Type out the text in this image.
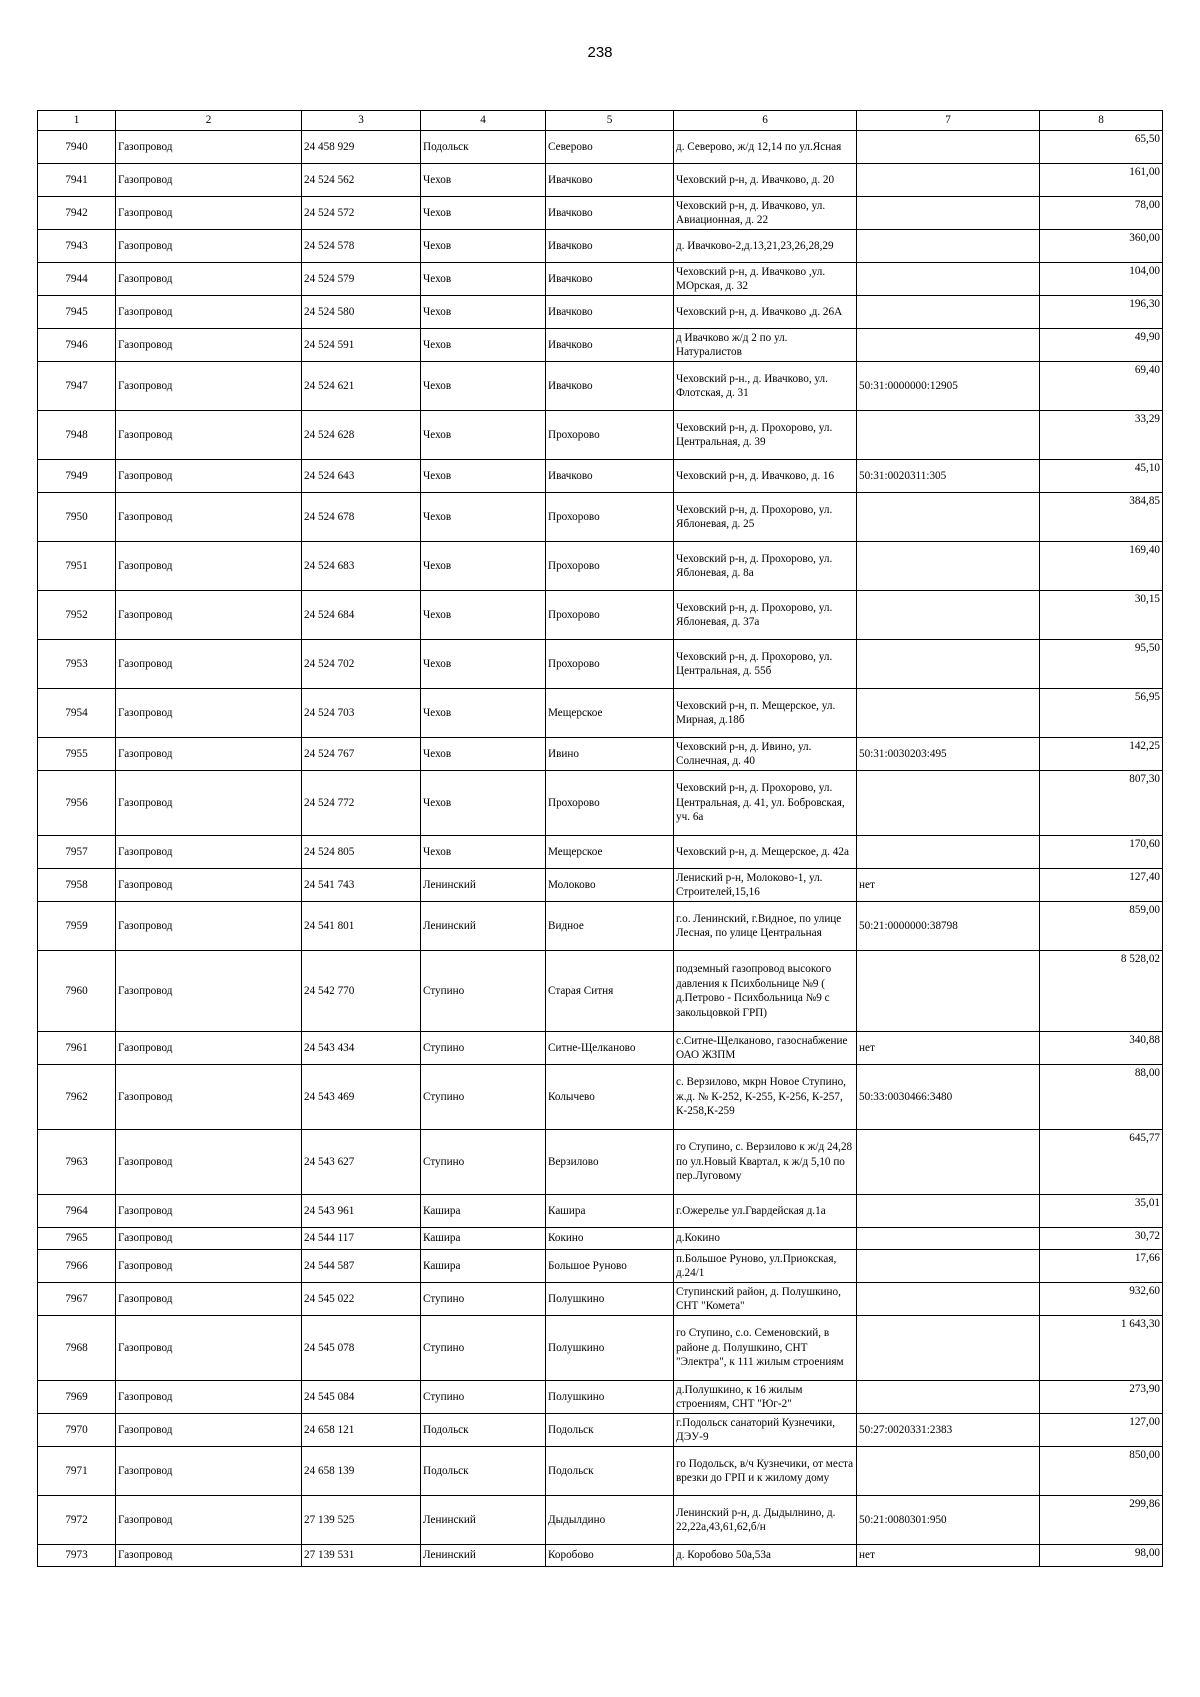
238
1	2	3	4	5	6	7	8
7940	Газопровод	24 458 929	Подольск	Северово	д. Северово, ж/д 12,14 по ул.Ясная		65,50
7941	Газопровод	24 524 562	Чехов	Ивачково	Чеховский р-н, д. Ивачково, д. 20		161,00
7942	Газопровод	24 524 572	Чехов	Ивачково	Чеховский р-н, д. Ивачково, ул. Авиационная, д. 22		78,00
7943	Газопровод	24 524 578	Чехов	Ивачково	д. Ивачково-2,д.13,21,23,26,28,29		360,00
7944	Газопровод	24 524 579	Чехов	Ивачково	Чеховский р-н, д. Ивачково ,ул. МОрская, д. 32		104,00
7945	Газопровод	24 524 580	Чехов	Ивачково	Чеховский р-н, д. Ивачково ,д. 26А		196,30
7946	Газопровод	24 524 591	Чехов	Ивачково	д Ивачково ж/д 2 по ул. Натуралистов		49,90
7947	Газопровод	24 524 621	Чехов	Ивачково	Чеховский р-н., д. Ивачково, ул. Флотская, д. 31	50:31:0000000:12905	69,40
7948	Газопровод	24 524 628	Чехов	Прохорово	Чеховский р-н, д. Прохорово, ул. Центральная, д. 39		33,29
7949	Газопровод	24 524 643	Чехов	Ивачково	Чеховский р-н, д. Ивачково, д. 16	50:31:0020311:305	45,10
7950	Газопровод	24 524 678	Чехов	Прохорово	Чеховский р-н, д. Прохорово, ул. Яблоневая, д. 25		384,85
7951	Газопровод	24 524 683	Чехов	Прохорово	Чеховский р-н, д. Прохорово, ул. Яблоневая, д. 8а		169,40
7952	Газопровод	24 524 684	Чехов	Прохорово	Чеховский р-н, д. Прохорово, ул. Яблоневая, д. 37а		30,15
7953	Газопровод	24 524 702	Чехов	Прохорово	Чеховский р-н, д. Прохорово, ул. Центральная, д. 55б		95,50
7954	Газопровод	24 524 703	Чехов	Мещерское	Чеховский р-н, п. Мещерское, ул. Мирная, д.18б		56,95
7955	Газопровод	24 524 767	Чехов	Ивино	Чеховский р-н, д. Ивино, ул. Солнечная, д. 40	50:31:0030203:495	142,25
7956	Газопровод	24 524 772	Чехов	Прохорово	Чеховский р-н, д. Прохорово, ул. Центральная, д. 41, ул. Бобровская, уч. 6а		807,30
7957	Газопровод	24 524 805	Чехов	Мещерское	Чеховский р-н, д. Мещерское, д. 42а		170,60
7958	Газопровод	24 541 743	Ленинский	Молоково	Лениский р-н, Молоково-1, ул. Строителей,15,16	нет	127,40
7959	Газопровод	24 541 801	Ленинский	Видное	г.о. Ленинский, г.Видное, по улице Лесная, по улице Центральная	50:21:0000000:38798	859,00
7960	Газопровод	24 542 770	Ступино	Старая Ситня	подземный газопровод высокого давления к Психбольнице №9 ( д.Петрово - Психбольница №9 с закольцовкой ГРП)		8 528,02
7961	Газопровод	24 543 434	Ступино	Ситне-Щелканово	с.Ситне-Щелканово, газоснабжение ОАО ЖЗПМ	нет	340,88
7962	Газопровод	24 543 469	Ступино	Колычево	с. Верзилово, мкрн Новое Ступино, ж.д. № К-252, К-255, К-256, К-257, К-258,К-259	50:33:0030466:3480	88,00
7963	Газопровод	24 543 627	Ступино	Верзилово	го Ступино, с. Верзилово к ж/д 24,28 по ул.Новый Квартал, к ж/д 5,10 по пер.Луговому		645,77
7964	Газопровод	24 543 961	Кашира	Кашира	г.Ожерелье ул.Гвардейская д.1а		35,01
7965	Газопровод	24 544 117	Кашира	Кокино	д.Кокино		30,72
7966	Газопровод	24 544 587	Кашира	Большое Руново	п.Большое Руново, ул.Приокская, д.24/1		17,66
7967	Газопровод	24 545 022	Ступино	Полушкино	Ступинский район, д. Полушкино, СНТ "Комета"		932,60
7968	Газопровод	24 545 078	Ступино	Полушкино	го Ступино, с.о. Семеновский, в районе д. Полушкино, СНТ "Электра", к 111 жилым строениям		1 643,30
7969	Газопровод	24 545 084	Ступино	Полушкино	д.Полушкино, к 16 жилым строениям, СНТ "Юг-2"		273,90
7970	Газопровод	24 658 121	Подольск	Подольск	г.Подольск санаторий Кузнечики, ДЭУ-9	50:27:0020331:2383	127,00
7971	Газопровод	24 658 139	Подольск	Подольск	го Подольск, в/ч Кузнечики, от места врезки до ГРП и к жилому дому		850,00
7972	Газопровод	27 139 525	Ленинский	Дыдылдино	Ленинский р-н, д. Дыдылнино, д. 22,22а,43,61,62,б/н	50:21:0080301:950	299,86
7973	Газопровод	27 139 531	Ленинский	Коробово	д. Коробово 50а,53а	нет	98,00
